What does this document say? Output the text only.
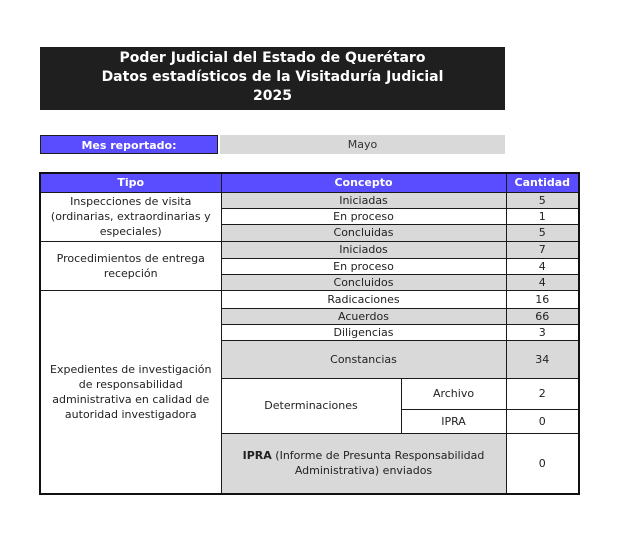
Poder Judicial del Estado de Querétaro
Datos estadísticos de la Visitaduría Judicial
2025
Mes reportado:	Mayo
Tipo	Concepto		Cantidad
Inspecciones de visita (ordinarias, extraordinarias y especiales)	Iniciadas		5
	En proceso		1
	Concluidas		5
Procedimientos de entrega recepción	Iniciados		7
	En proceso		4
	Concluidos		4
Expedientes de investigación de responsabilidad administrativa en calidad de autoridad investigadora	Radicaciones		16
	Acuerdos		66
	Diligencias		3
	Constancias		34
	Determinaciones	Archivo	2
		IPRA	0
	IPRA (Informe de Presunta Responsabilidad Administrativa) enviados		0
